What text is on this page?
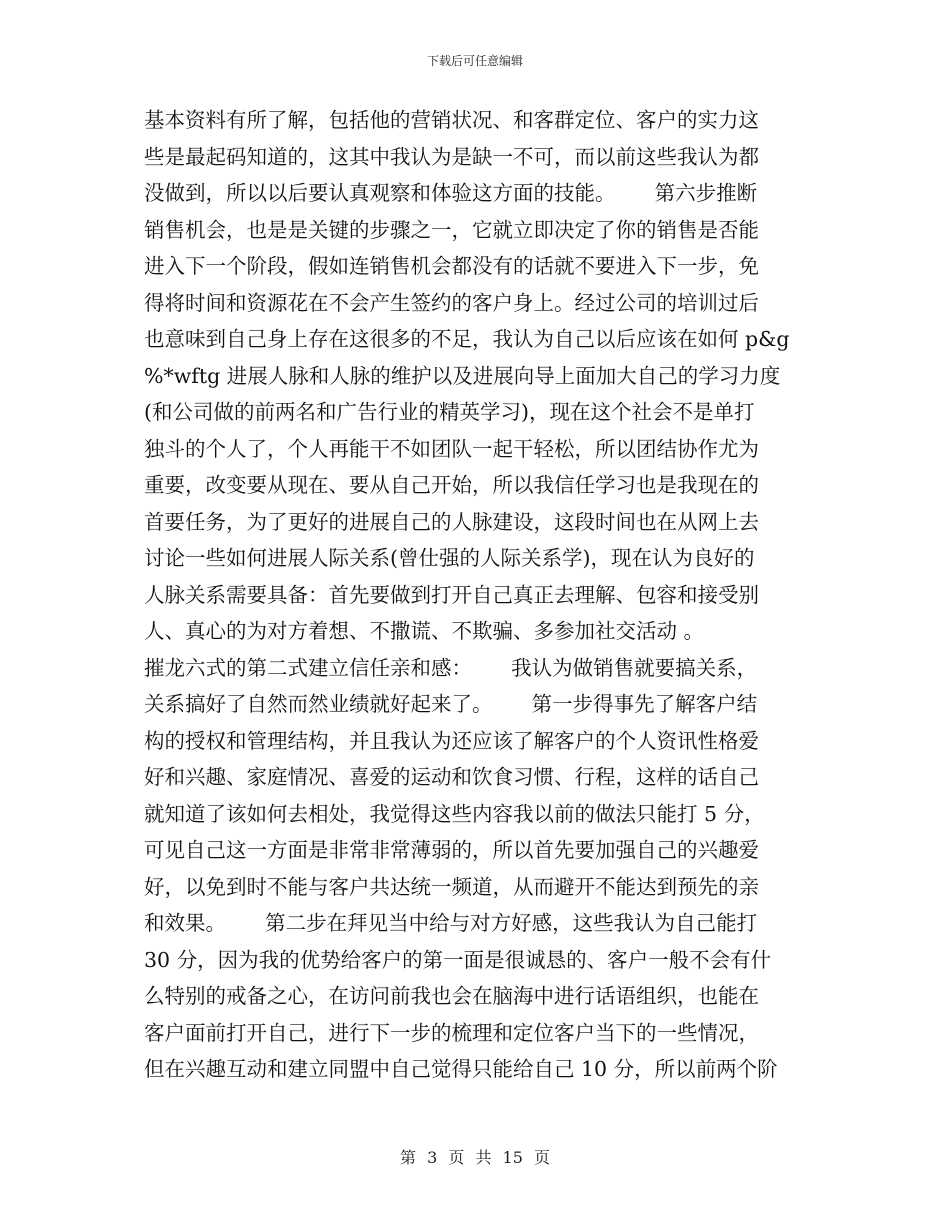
下载后可任意编辑
基本资料有所了解，包括他的营销状况、和客群定位、客户的实力这
些是最起码知道的，这其中我认为是缺一不可，而以前这些我认为都
没做到，所以以后要认真观察和体验这方面的技能。      第六步推断
销售机会，也是是关键的步骤之一，它就立即决定了你的销售是否能
进入下一个阶段，假如连销售机会都没有的话就不要进入下一步，免
得将时间和资源花在不会产生签约的客户身上。经过公司的培训过后
也意味到自己身上存在这很多的不足，我认为自己以后应该在如何 p&g
%*wftg 进展人脉和人脉的维护以及进展向导上面加大自己的学习力度
(和公司做的前两名和广告行业的精英学习)，现在这个社会不是单打
独斗的个人了，个人再能干不如团队一起干轻松，所以团结协作尤为
重要，改变要从现在、要从自己开始，所以我信任学习也是我现在的
首要任务，为了更好的进展自己的人脉建设，这段时间也在从网上去
讨论一些如何进展人际关系(曾仕强的人际关系学)，现在认为良好的
人脉关系需要具备：首先要做到打开自己真正去理解、包容和接受别
人、真心的为对方着想、不撒谎、不欺骗、多参加社交活动 。
摧龙六式的第二式建立信任亲和感：      我认为做销售就要搞关系，
关系搞好了自然而然业绩就好起来了。      第一步得事先了解客户结
构的授权和管理结构，并且我认为还应该了解客户的个人资讯性格爱
好和兴趣、家庭情况、喜爱的运动和饮食习惯、行程，这样的话自己
就知道了该如何去相处，我觉得这些内容我以前的做法只能打 5 分，
可见自己这一方面是非常非常薄弱的，所以首先要加强自己的兴趣爱
好，以免到时不能与客户共达统一频道，从而避开不能达到预先的亲
和效果。      第二步在拜见当中给与对方好感，这些我认为自己能打
30 分，因为我的优势给客户的第一面是很诚恳的、客户一般不会有什
么特别的戒备之心，在访问前我也会在脑海中进行话语组织，也能在
客户面前打开自己，进行下一步的梳理和定位客户当下的一些情况，
但在兴趣互动和建立同盟中自己觉得只能给自己 10 分，所以前两个阶
第 3 页 共 15 页
